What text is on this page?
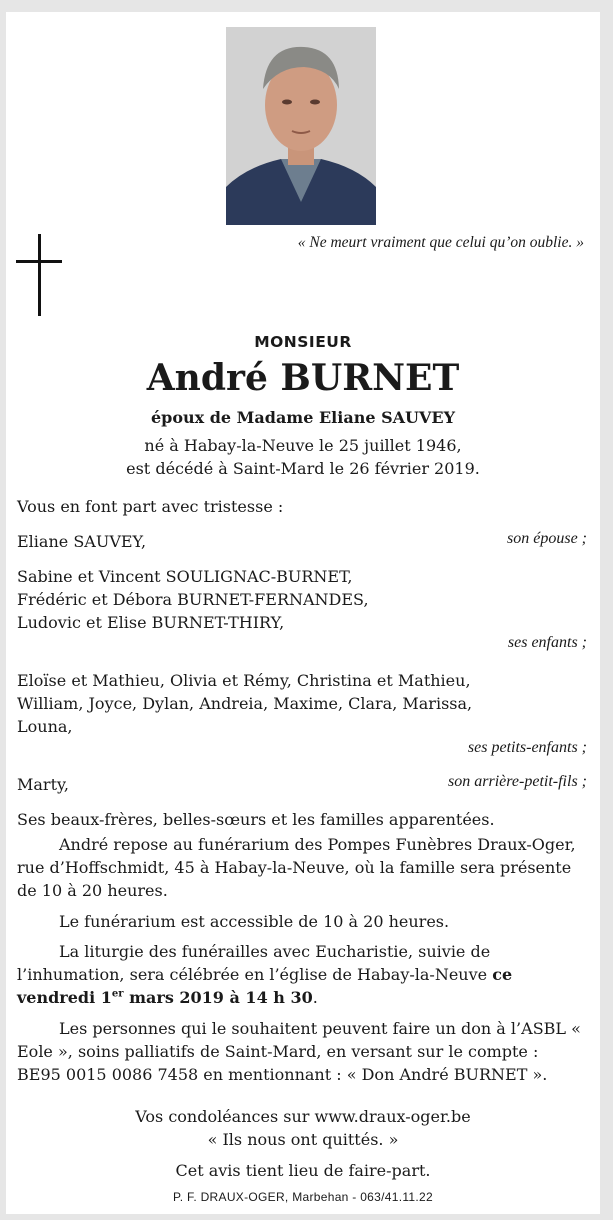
« Ne meurt vraiment que celui qu’on oublie. »
MONSIEUR
André BURNET
époux de Madame Eliane SAUVEY
né à Habay-la-Neuve le 25 juillet 1946,
est décédé à Saint-Mard le 26 février 2019.
Vous en font part avec tristesse :
Eliane SAUVEY,	son épouse ;
Sabine et Vincent SOULIGNAC-BURNET,
Frédéric et Débora BURNET-FERNANDES,
Ludovic et Elise BURNET-THIRY,
ses enfants ;
Eloïse et Mathieu, Olivia et Rémy, Christina et Mathieu,
William, Joyce, Dylan, Andreia, Maxime, Clara, Marissa,
Louna,
ses petits-enfants ;
Marty,	son arrière-petit-fils ;
Ses beaux-frères, belles-sœurs et les familles apparentées.
André repose au funérarium des Pompes Funèbres Draux-Oger, rue d’Hoffschmidt, 45 à Habay-la-Neuve, où la famille sera présente de 10 à 20 heures.
Le funérarium est accessible de 10 à 20 heures.
La liturgie des funérailles avec Eucharistie, suivie de l’inhumation, sera célébrée en l’église de Habay-la-Neuve ce vendredi 1er mars 2019 à 14 h 30.
Les personnes qui le souhaitent peuvent faire un don à l’ASBL « Eole », soins palliatifs de Saint-Mard, en versant sur le compte : BE95 0015 0086 7458 en mentionnant : « Don André BURNET ».
Vos condoléances sur www.draux-oger.be
« Ils nous ont quittés. »
Cet avis tient lieu de faire-part.
P. F. DRAUX-OGER, Marbehan - 063/41.11.22
